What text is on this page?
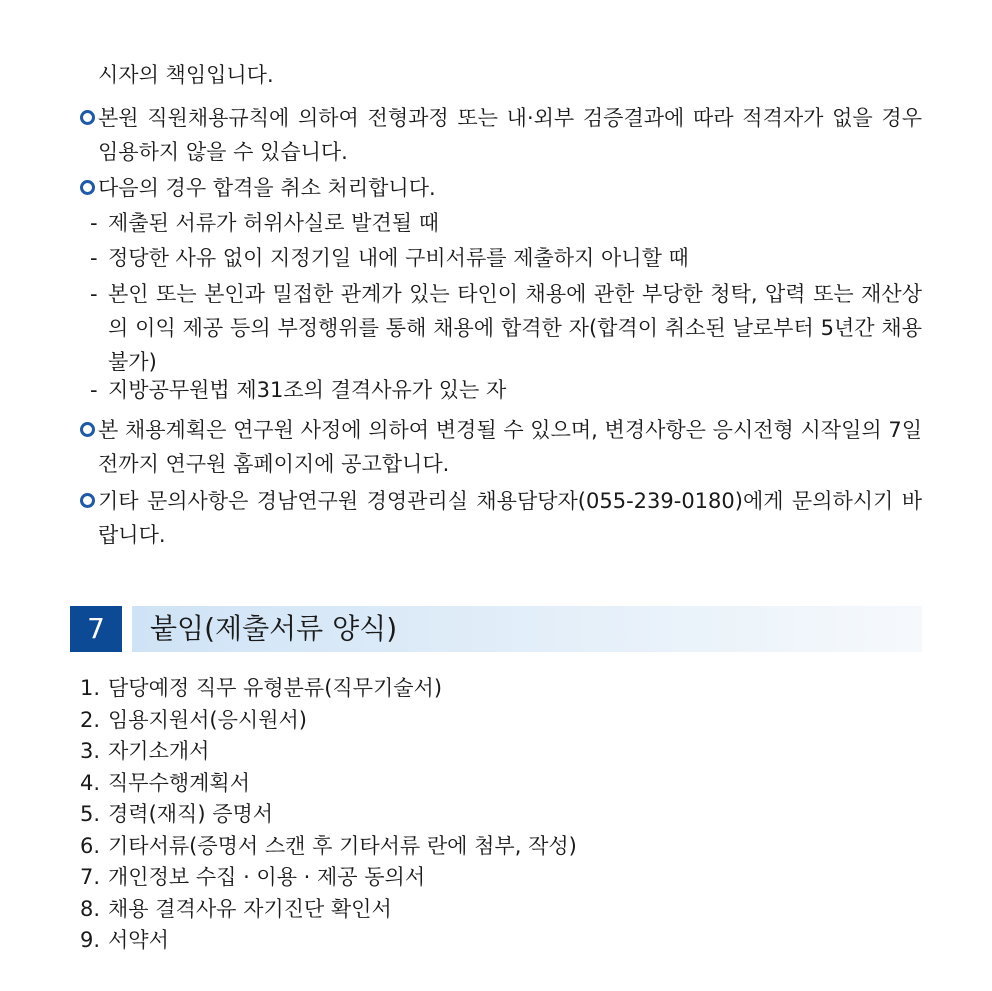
시자의 책임입니다.
본원 직원채용규칙에 의하여 전형과정 또는 내·외부 검증결과에 따라 적격자가 없을 경우 임용하지 않을 수 있습니다.
다음의 경우 합격을 취소 처리합니다.
- 제출된 서류가 허위사실로 발견될 때
- 정당한 사유 없이 지정기일 내에 구비서류를 제출하지 아니할 때
- 본인 또는 본인과 밀접한 관계가 있는 타인이 채용에 관한 부당한 청탁, 압력 또는 재산상의 이익 제공 등의 부정행위를 통해 채용에 합격한 자(합격이 취소된 날로부터 5년간 채용불가)
- 지방공무원법 제31조의 결격사유가 있는 자
본 채용계획은 연구원 사정에 의하여 변경될 수 있으며, 변경사항은 응시전형 시작일의 7일 전까지 연구원 홈페이지에 공고합니다.
기타 문의사항은 경남연구원 경영관리실 채용담당자(055-239-0180)에게 문의하시기 바랍니다.
7	붙임(제출서류 양식)
1. 담당예정 직무 유형분류(직무기술서)
2. 임용지원서(응시원서)
3. 자기소개서
4. 직무수행계획서
5. 경력(재직) 증명서
6. 기타서류(증명서 스캔 후 기타서류 란에 첨부, 작성)
7. 개인정보 수집 · 이용 · 제공 동의서
8. 채용 결격사유 자기진단 확인서
9. 서약서
